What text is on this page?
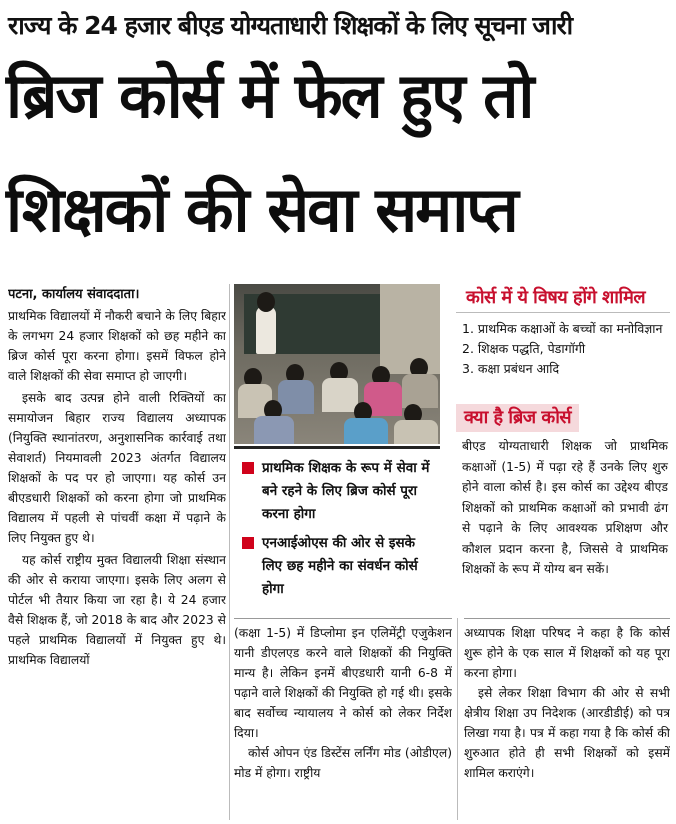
राज्य के 24 हजार बीएड योग्यताधारी शिक्षकों के लिए सूचना जारी
ब्रिज कोर्स में फेल हुए तो
शिक्षकों की सेवा समाप्त
पटना, कार्यालय संवाददाता।

प्राथमिक विद्यालयों में नौकरी बचाने के लिए बिहार के लगभग 24 हजार शिक्षकों को छह महीने का ब्रिज कोर्स पूरा करना होगा। इसमें विफल होने वाले शिक्षकों की सेवा समाप्त हो जाएगी।

इसके बाद उत्पन्न होने वाली रिक्तियों का समायोजन बिहार राज्य विद्यालय अध्यापक (नियुक्ति स्थानांतरण, अनुशासनिक कार्रवाई तथा सेवाशर्त) नियमावली 2023 अंतर्गत विद्यालय शिक्षकों के पद पर हो जाएगा। यह कोर्स उन बीएडधारी शिक्षकों को करना होगा जो प्राथमिक विद्यालय में पहली से पांचवीं कक्षा में पढ़ाने के लिए नियुक्त हुए थे।

यह कोर्स राष्ट्रीय मुक्त विद्यालयी शिक्षा संस्थान की ओर से कराया जाएगा। इसके लिए अलग से पोर्टल भी तैयार किया जा रहा है। ये 24 हजार वैसे शिक्षक हैं, जो 2018 के बाद और 2023 से पहले प्राथमिक विद्यालयों में नियुक्त हुए थे। प्राथमिक विद्यालयों

प्राथमिक शिक्षक के रूप में सेवा में बने रहने के लिए ब्रिज कोर्स पूरा करना होगा
एनआईओएस की ओर से इसके लिए छह महीने का संवर्धन कोर्स होगा

(कक्षा 1-5) में डिप्लोमा इन एलिमेंट्री एजुकेशन यानी डीएलएड करने वाले शिक्षकों की नियुक्ति मान्य है। लेकिन इनमें बीएडधारी यानी 6-8 में पढ़ाने वाले शिक्षकों की नियुक्ति हो गई थी। इसके बाद सर्वोच्च न्यायालय ने कोर्स को लेकर निर्देश दिया।

कोर्स ओपन एंड डिस्टेंस लर्निंग मोड (ओडीएल) मोड में होगा। राष्ट्रीय

कोर्स में ये विषय होंगे शामिल
1. प्राथमिक कक्षाओं के बच्चों का मनोविज्ञान
2. शिक्षक पद्धति, पेडागॉगी
3. कक्षा प्रबंधन आदि
क्या है ब्रिज कोर्स
बीएड योग्यताधारी शिक्षक जो प्राथमिक कक्षाओं (1-5) में पढ़ा रहे हैं उनके लिए शुरु होने वाला कोर्स है। इस कोर्स का उद्देश्य बीएड शिक्षकों को प्राथमिक कक्षाओं को प्रभावी ढंग से पढ़ाने के लिए आवश्यक प्रशिक्षण और कौशल प्रदान करना है, जिससे वे प्राथमिक शिक्षकों के रूप में योग्य बन सकें।

अध्यापक शिक्षा परिषद ने कहा है कि कोर्स शुरू होने के एक साल में शिक्षकों को यह पूरा करना होगा।

इसे लेकर शिक्षा विभाग की ओर से सभी क्षेत्रीय शिक्षा उप निदेशक (आरडीडीई) को पत्र लिखा गया है। पत्र में कहा गया है कि कोर्स की शुरुआत होते ही सभी शिक्षकों को इसमें शामिल कराएंगे।
